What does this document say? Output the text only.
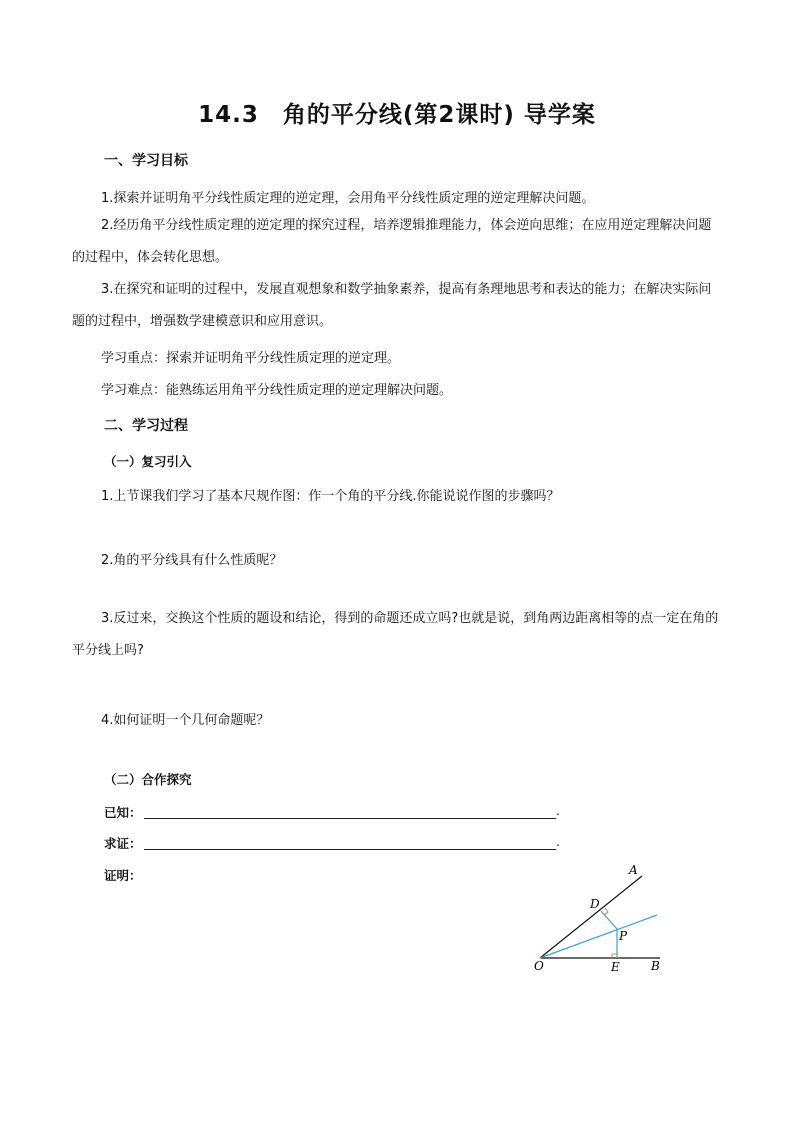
14.3　角的平分线(第2课时) 导学案
一、学习目标
1.探索并证明角平分线性质定理的逆定理，会用角平分线性质定理的逆定理解决问题。

2.经历角平分线性质定理的逆定理的探究过程，培养逻辑推理能力，体会逆向思维；在应用逆定理解决问题的过程中，体会转化思想。

3.在探究和证明的过程中，发展直观想象和数学抽象素养，提高有条理地思考和表达的能力；在解决实际问题的过程中，增强数学建模意识和应用意识。

学习重点：探索并证明角平分线性质定理的逆定理。
学习难点：能熟练运用角平分线性质定理的逆定理解决问题。
二、学习过程
（一）复习引入
1.上节课我们学习了基本尺规作图：作一个角的平分线.你能说说作图的步骤吗？
2.角的平分线具有什么性质呢？

3.反过来，交换这个性质的题设和结论，得到的命题还成立吗?也就是说，到角两边距离相等的点一定在角的平分线上吗?

4.如何证明一个几何命题呢？
（二）合作探究
已知：	.
求证：	.
证明：	A
B
O
D
E
P
